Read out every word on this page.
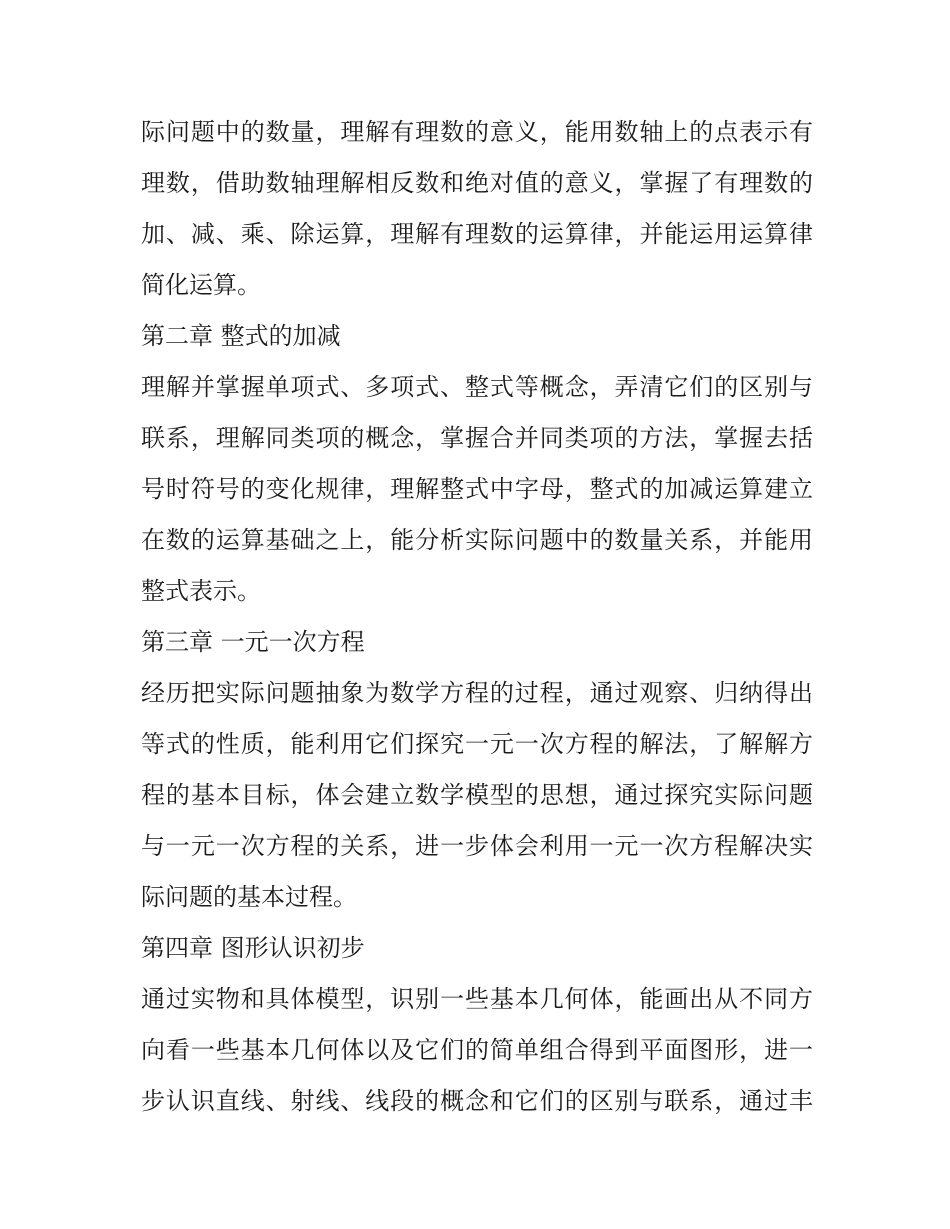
际问题中的数量，理解有理数的意义，能用数轴上的点表示有
理数，借助数轴理解相反数和绝对值的意义，掌握了有理数的
加、减、乘、除运算，理解有理数的运算律，并能运用运算律
简化运算。
第二章 整式的加减
理解并掌握单项式、多项式、整式等概念，弄清它们的区别与
联系，理解同类项的概念，掌握合并同类项的方法，掌握去括
号时符号的变化规律，理解整式中字母，整式的加减运算建立
在数的运算基础之上，能分析实际问题中的数量关系，并能用
整式表示。
第三章 一元一次方程
经历把实际问题抽象为数学方程的过程，通过观察、归纳得出
等式的性质，能利用它们探究一元一次方程的解法，了解解方
程的基本目标，体会建立数学模型的思想，通过探究实际问题
与一元一次方程的关系，进一步体会利用一元一次方程解决实
际问题的基本过程。
第四章 图形认识初步
通过实物和具体模型，识别一些基本几何体，能画出从不同方
向看一些基本几何体以及它们的简单组合得到平面图形，进一
步认识直线、射线、线段的概念和它们的区别与联系，通过丰
